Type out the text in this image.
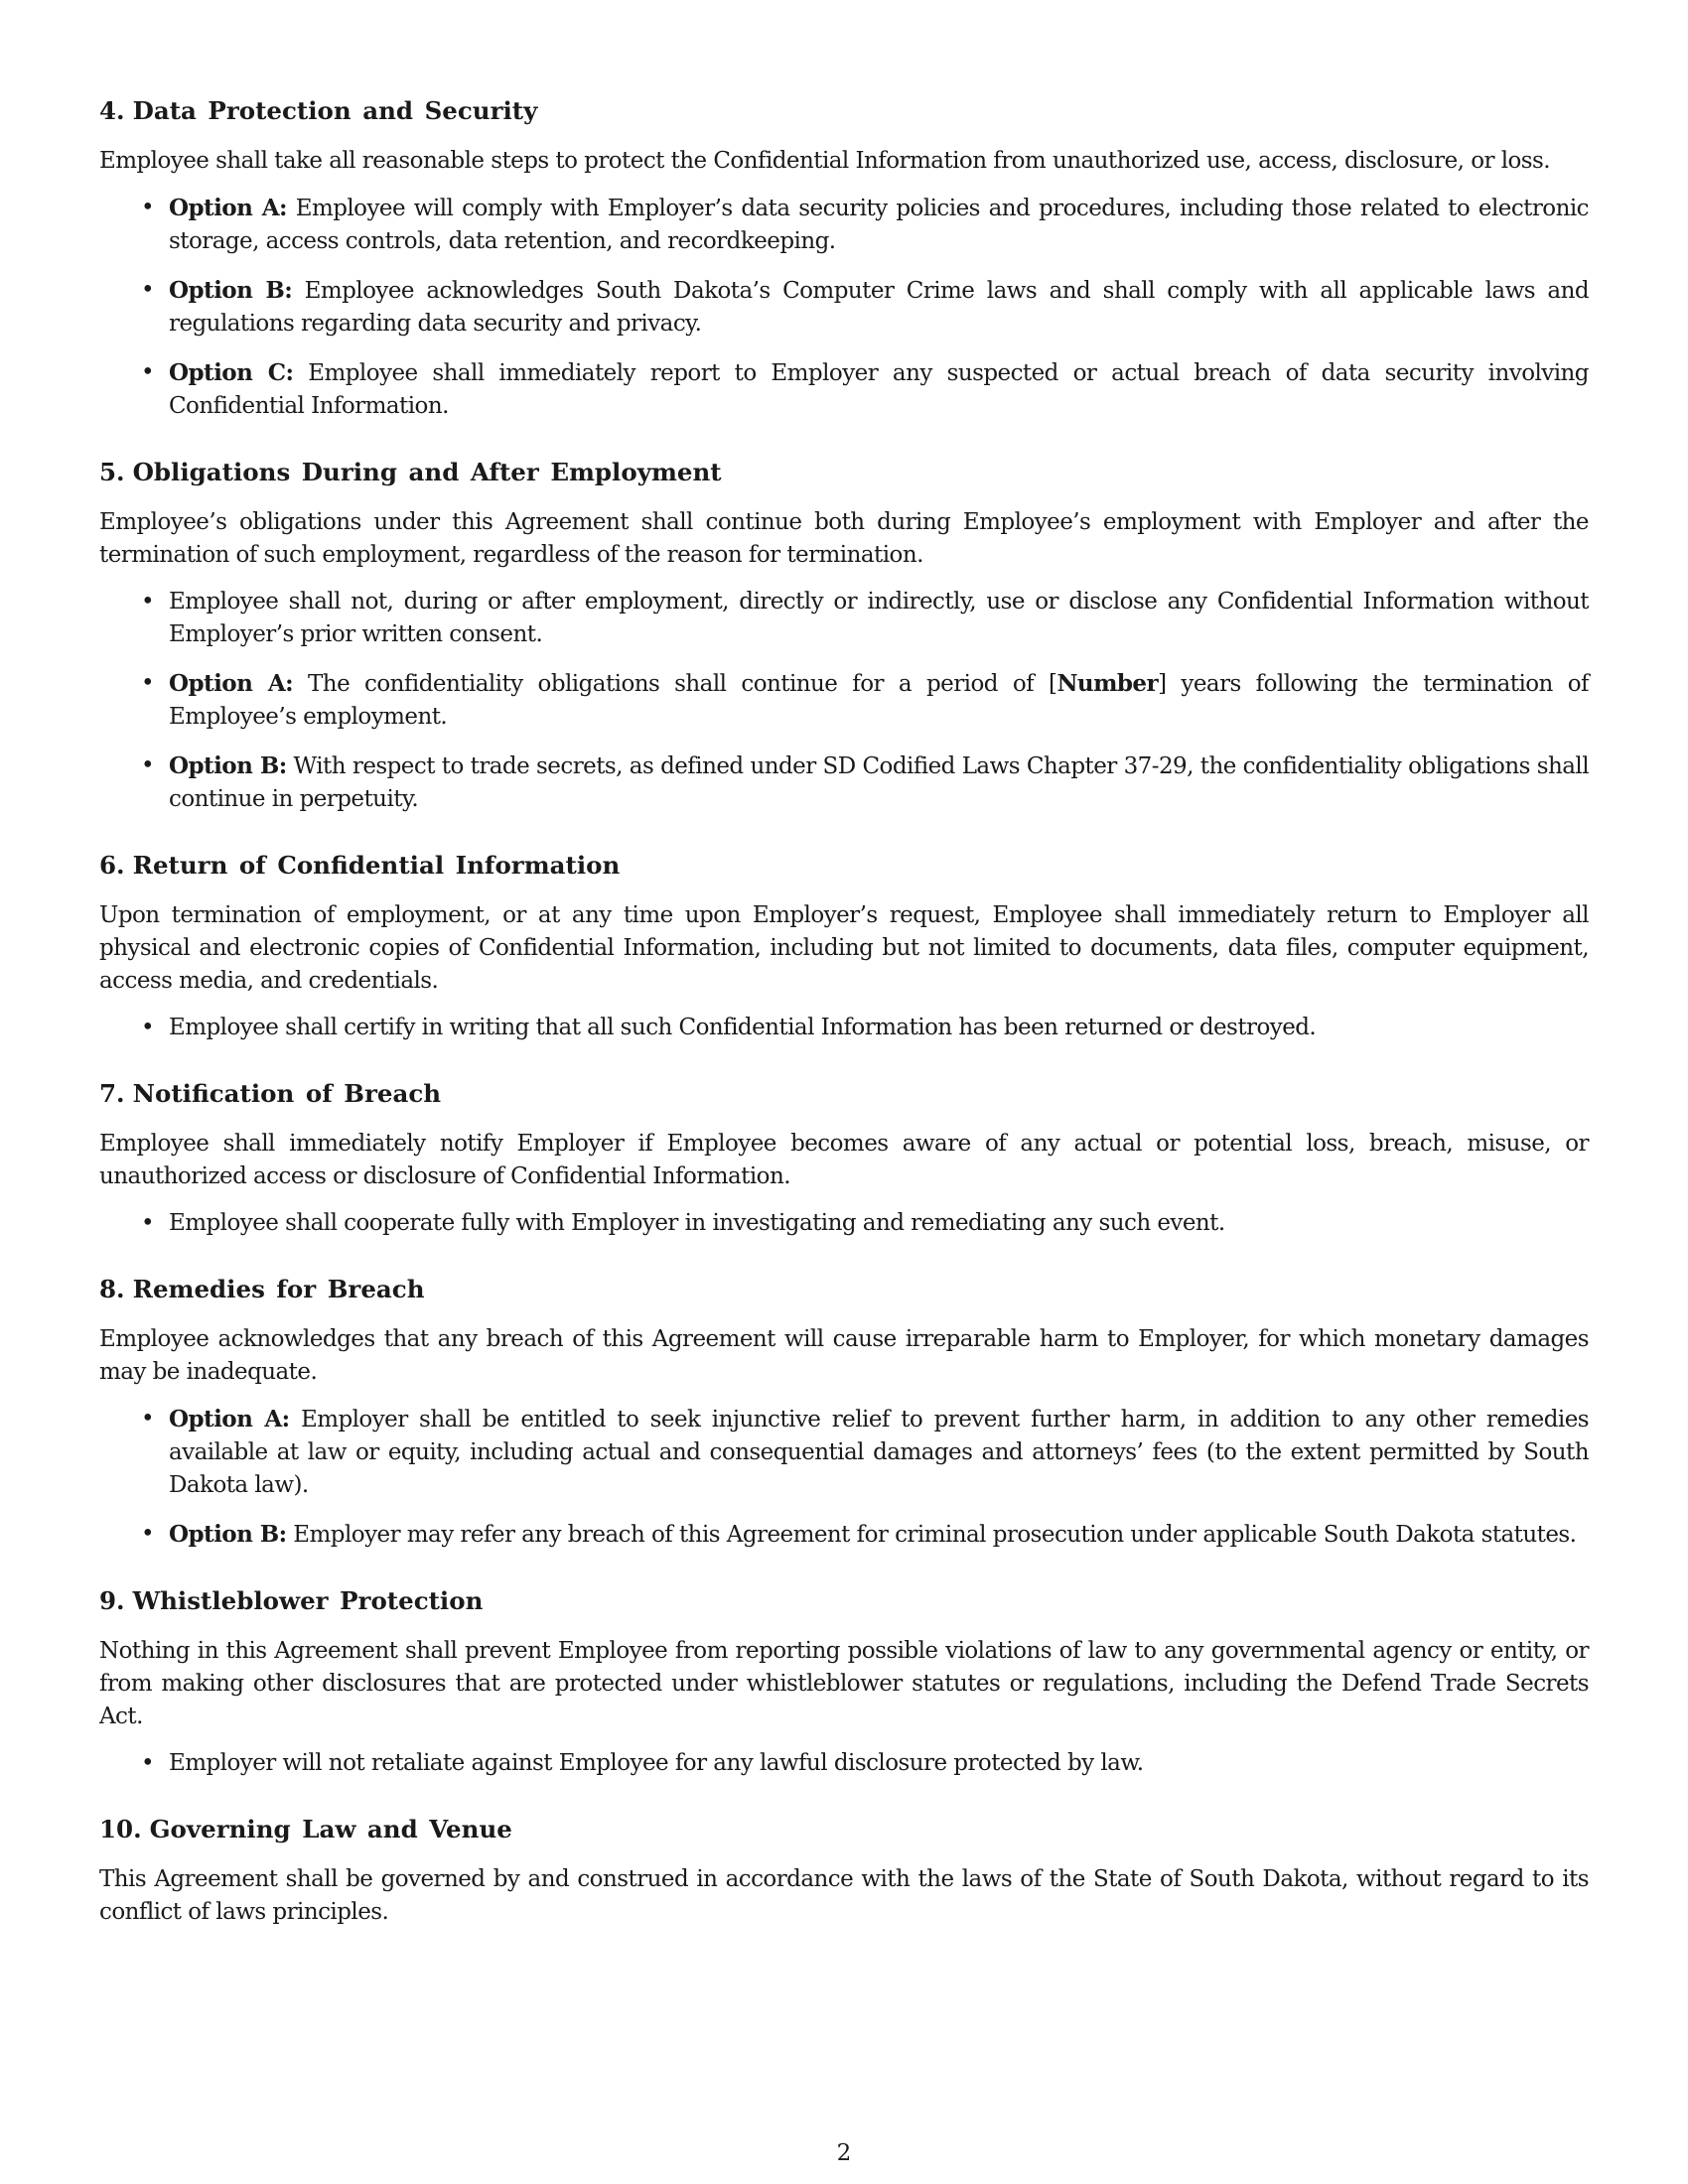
4. Data Protection and Security

Employee shall take all reasonable steps to protect the Confidential Information from unauthorized use, access, disclosure, or loss.

• Option A: Employee will comply with Employer’s data security policies and procedures, including those related to electronic storage, access controls, data retention, and recordkeeping.
• Option B: Employee acknowledges South Dakota’s Computer Crime laws and shall comply with all applicable laws and regulations regarding data security and privacy.
• Option C: Employee shall immediately report to Employer any suspected or actual breach of data security involving Confidential Information.
5. Obligations During and After Employment

Employee’s obligations under this Agreement shall continue both during Employee’s employment with Employer and after the termination of such employment, regardless of the reason for termination.

• Employee shall not, during or after employment, directly or indirectly, use or disclose any Confidential Information without Employer’s prior written consent.
• Option A: The confidentiality obligations shall continue for a period of [Number] years following the termination of Employee’s employment.
• Option B: With respect to trade secrets, as defined under SD Codified Laws Chapter 37-29, the confidentiality obligations shall continue in perpetuity.
6. Return of Confidential Information

Upon termination of employment, or at any time upon Employer’s request, Employee shall immediately return to Employer all physical and electronic copies of Confidential Information, including but not limited to documents, data files, computer equipment, access media, and credentials.

• Employee shall certify in writing that all such Confidential Information has been returned or destroyed.
7. Notification of Breach

Employee shall immediately notify Employer if Employee becomes aware of any actual or potential loss, breach, misuse, or unauthorized access or disclosure of Confidential Information.

• Employee shall cooperate fully with Employer in investigating and remediating any such event.
8. Remedies for Breach

Employee acknowledges that any breach of this Agreement will cause irreparable harm to Employer, for which monetary damages may be inadequate.

• Option A: Employer shall be entitled to seek injunctive relief to prevent further harm, in addition to any other remedies available at law or equity, including actual and consequential damages and attorneys’ fees (to the extent permitted by South Dakota law).
• Option B: Employer may refer any breach of this Agreement for criminal prosecution under applicable South Dakota statutes.
9. Whistleblower Protection

Nothing in this Agreement shall prevent Employee from reporting possible violations of law to any governmental agency or entity, or from making other disclosures that are protected under whistleblower statutes or regulations, including the Defend Trade Secrets Act.

• Employer will not retaliate against Employee for any lawful disclosure protected by law.
10. Governing Law and Venue

This Agreement shall be governed by and construed in accordance with the laws of the State of South Dakota, without regard to its conflict of laws principles.

2
